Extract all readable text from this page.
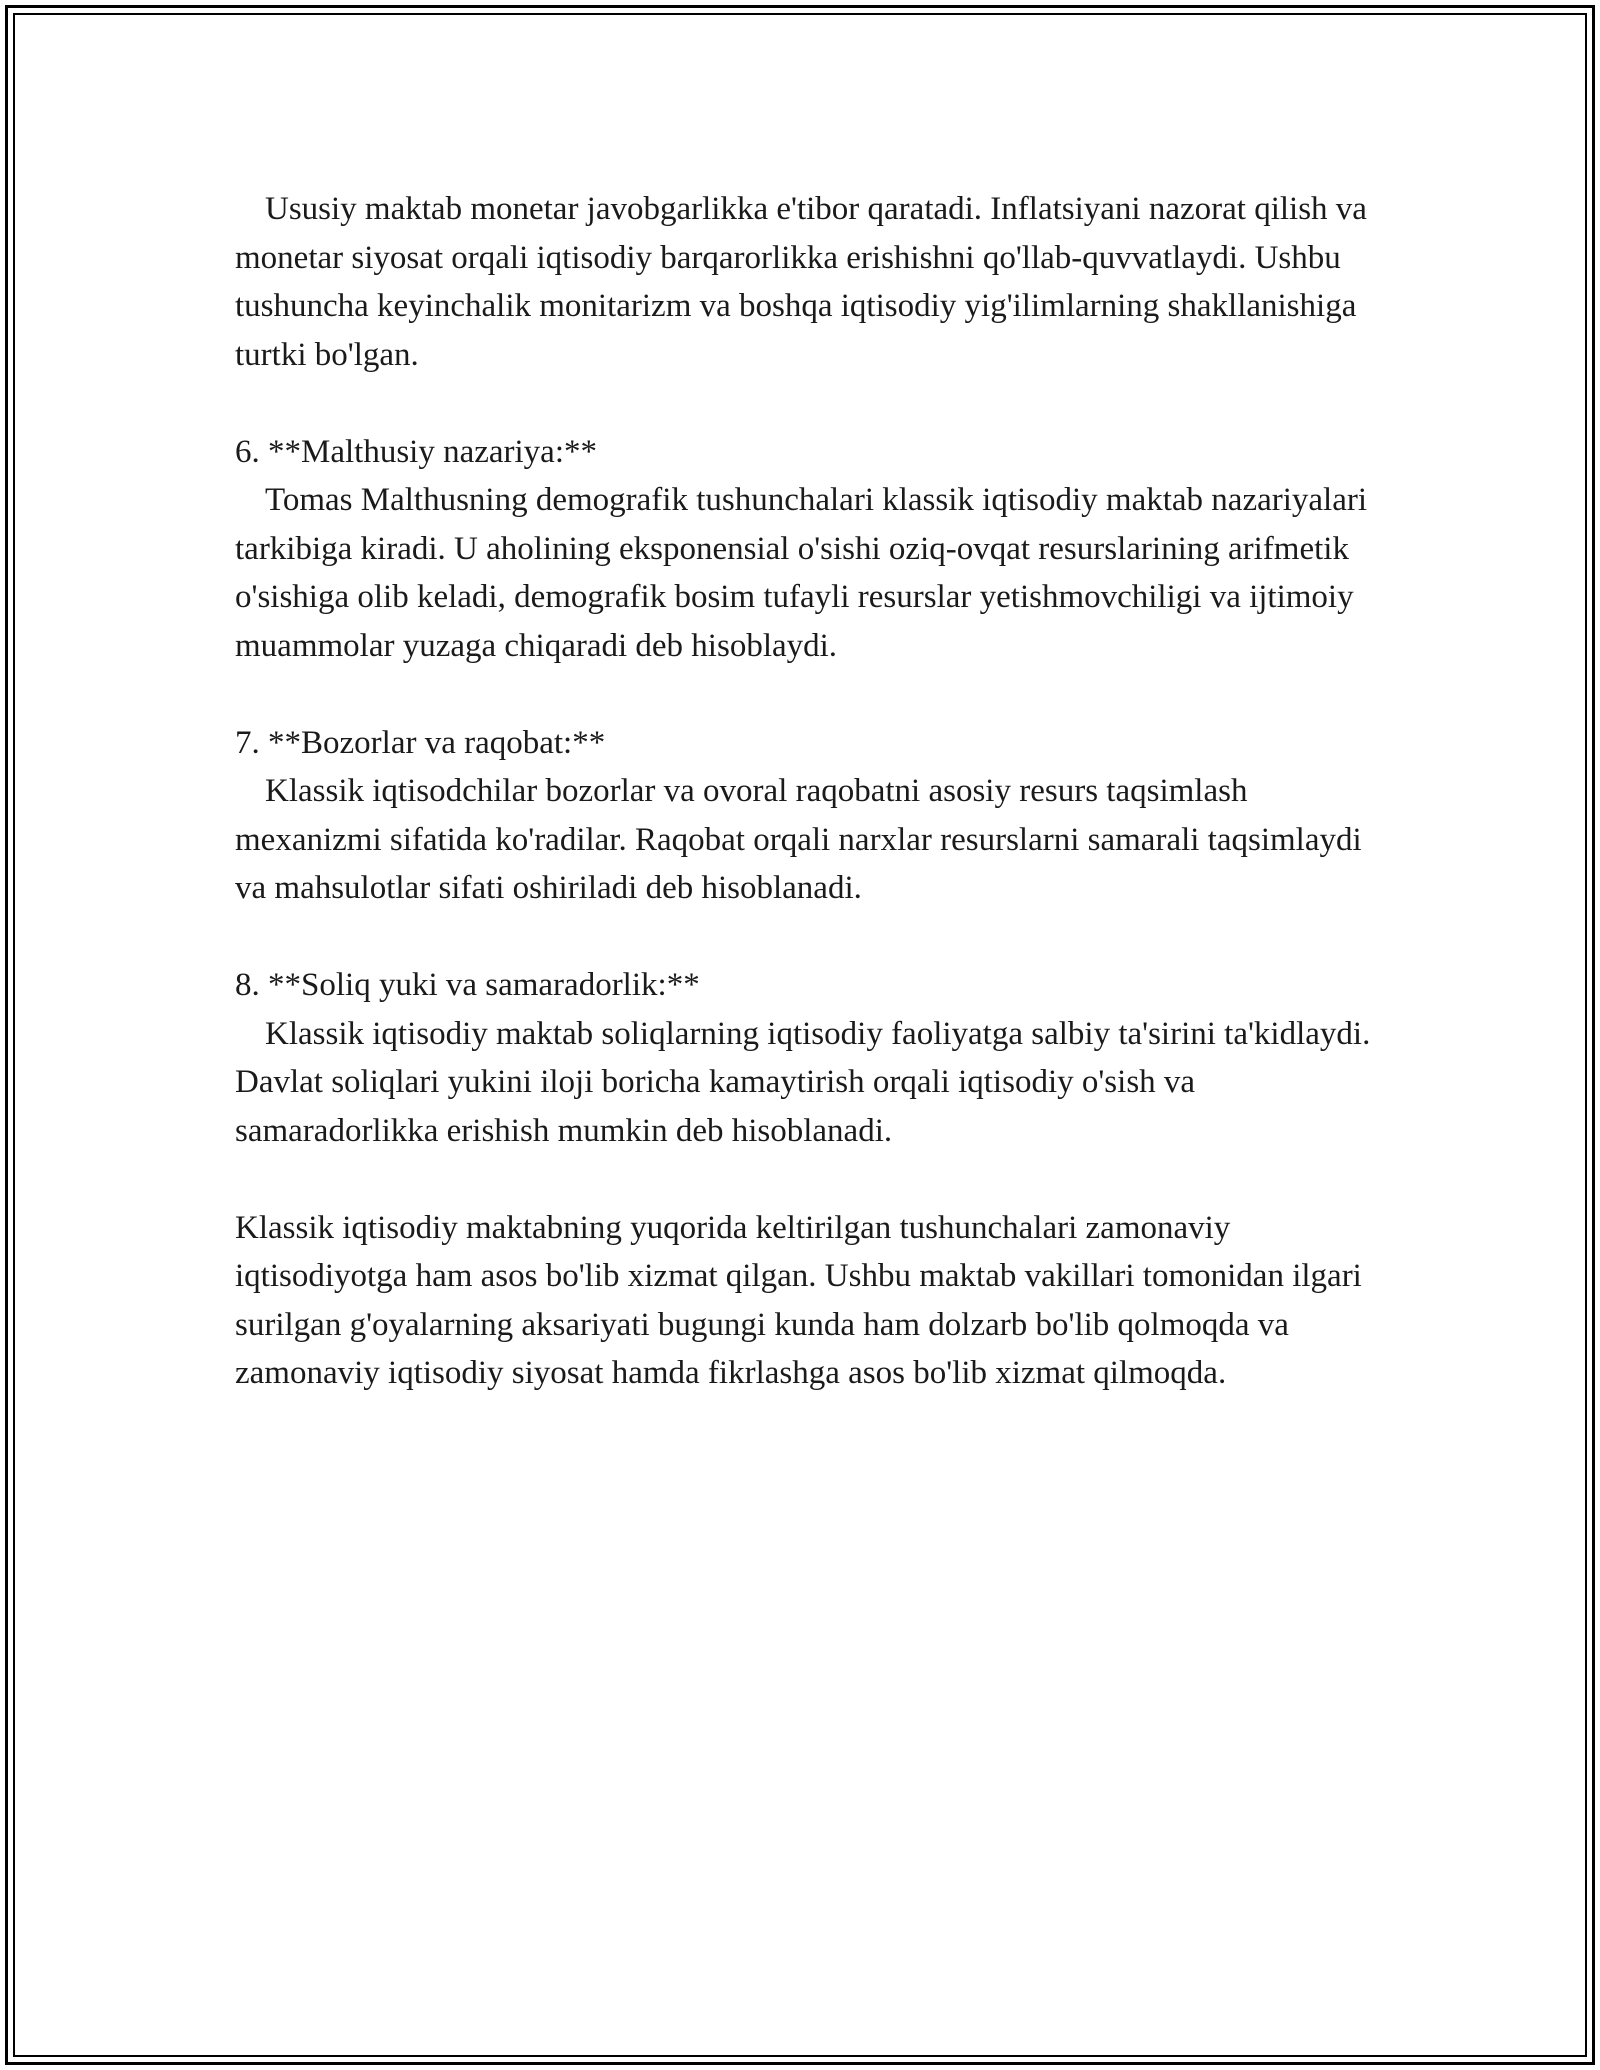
Ususiy maktab monetar javobgarlikka e'tibor qaratadi. Inflatsiyani nazorat qilish va monetar siyosat orqali iqtisodiy barqarorlikka erishishni qo'llab-quvvatlaydi. Ushbu tushuncha keyinchalik monitarizm va boshqa iqtisodiy yig'ilimlarning shakllanishiga turtki bo'lgan.

6. **Malthusiy nazariya:**

Tomas Malthusning demografik tushunchalari klassik iqtisodiy maktab nazariyalari tarkibiga kiradi. U aholining eksponensial o'sishi oziq-ovqat resurslarining arifmetik o'sishiga olib keladi, demografik bosim tufayli resurslar yetishmovchiligi va ijtimoiy muammolar yuzaga chiqaradi deb hisoblaydi.

7. **Bozorlar va raqobat:**

Klassik iqtisodchilar bozorlar va ovoral raqobatni asosiy resurs taqsimlash mexanizmi sifatida ko'radilar. Raqobat orqali narxlar resurslarni samarali taqsimlaydi va mahsulotlar sifati oshiriladi deb hisoblanadi.

8. **Soliq yuki va samaradorlik:**

Klassik iqtisodiy maktab soliqlarning iqtisodiy faoliyatga salbiy ta'sirini ta'kidlaydi. Davlat soliqlari yukini iloji boricha kamaytirish orqali iqtisodiy o'sish va samaradorlikka erishish mumkin deb hisoblanadi.

Klassik iqtisodiy maktabning yuqorida keltirilgan tushunchalari zamonaviy iqtisodiyotga ham asos bo'lib xizmat qilgan. Ushbu maktab vakillari tomonidan ilgari surilgan g'oyalarning aksariyati bugungi kunda ham dolzarb bo'lib qolmoqda va zamonaviy iqtisodiy siyosat hamda fikrlashga asos bo'lib xizmat qilmoqda.
